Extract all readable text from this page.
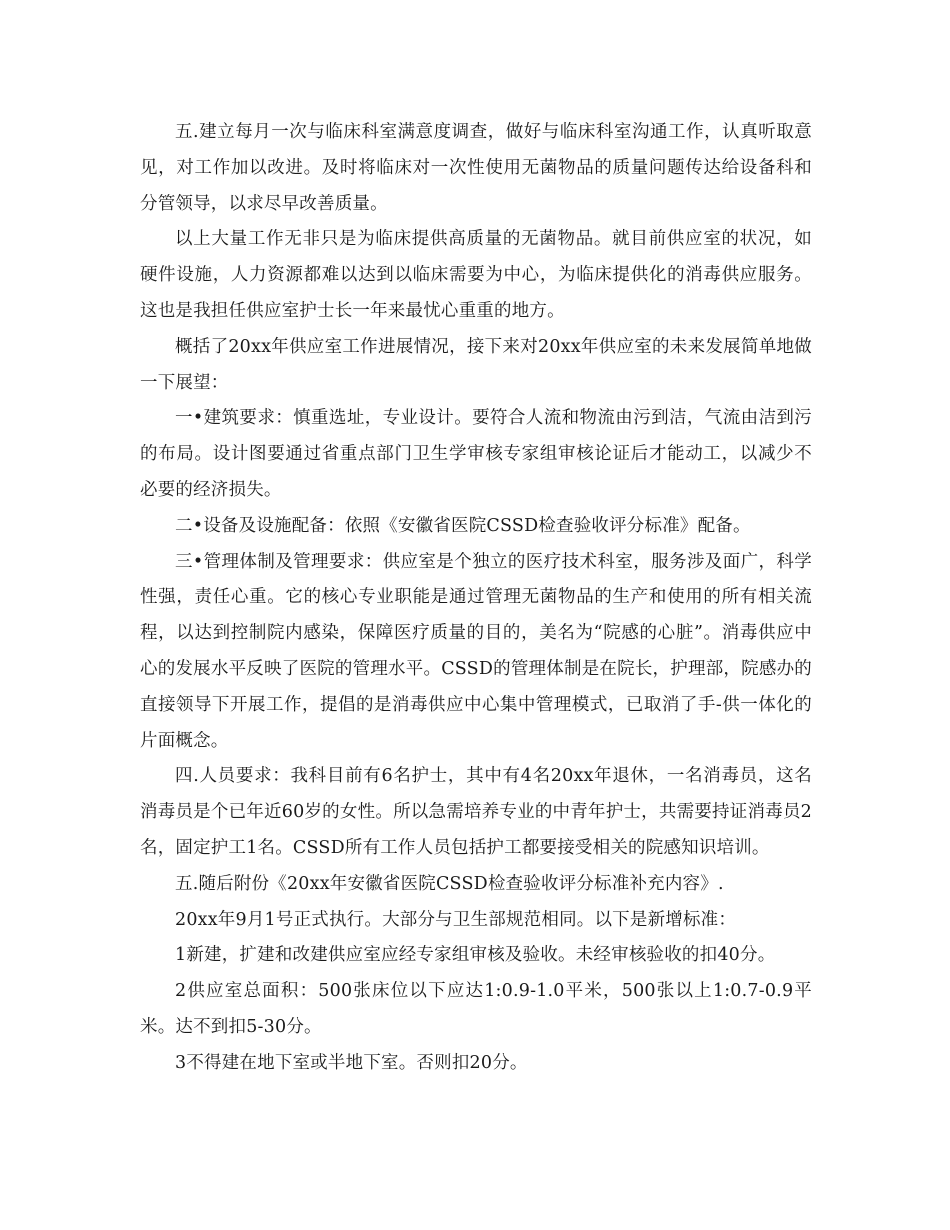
五.建立每月一次与临床科室满意度调查，做好与临床科室沟通工作，认真听取意见，对工作加以改进。及时将临床对一次性使用无菌物品的质量问题传达给设备科和分管领导，以求尽早改善质量。

以上大量工作无非只是为临床提供高质量的无菌物品。就目前供应室的状况，如硬件设施，人力资源都难以达到以临床需要为中心，为临床提供化的消毒供应服务。这也是我担任供应室护士长一年来最忧心重重的地方。

概括了20xx年供应室工作进展情况，接下来对20xx年供应室的未来发展简单地做一下展望：

一•建筑要求：慎重选址，专业设计。要符合人流和物流由污到洁，气流由洁到污的布局。设计图要通过省重点部门卫生学审核专家组审核论证后才能动工，以减少不必要的经济损失。

二•设备及设施配备：依照《安徽省医院CSSD检查验收评分标准》配备。

三•管理体制及管理要求：供应室是个独立的医疗技术科室，服务涉及面广，科学性强，责任心重。它的核心专业职能是通过管理无菌物品的生产和使用的所有相关流程，以达到控制院内感染，保障医疗质量的目的，美名为“院感的心脏”。消毒供应中心的发展水平反映了医院的管理水平。CSSD的管理体制是在院长，护理部，院感办的直接领导下开展工作，提倡的是消毒供应中心集中管理模式，已取消了手-供一体化的片面概念。

四.人员要求：我科目前有6名护士，其中有4名20xx年退休，一名消毒员，这名消毒员是个已年近60岁的女性。所以急需培养专业的中青年护士，共需要持证消毒员2名，固定护工1名。CSSD所有工作人员包括护工都要接受相关的院感知识培训。

五.随后附份《20xx年安徽省医院CSSD检查验收评分标准补充内容》.

20xx年9月1号正式执行。大部分与卫生部规范相同。以下是新增标准：

1新建，扩建和改建供应室应经专家组审核及验收。未经审核验收的扣40分。

2供应室总面积：500张床位以下应达1:0.9-1.0平米，500张以上1:0.7-0.9平米。达不到扣5-30分。

3不得建在地下室或半地下室。否则扣20分。
